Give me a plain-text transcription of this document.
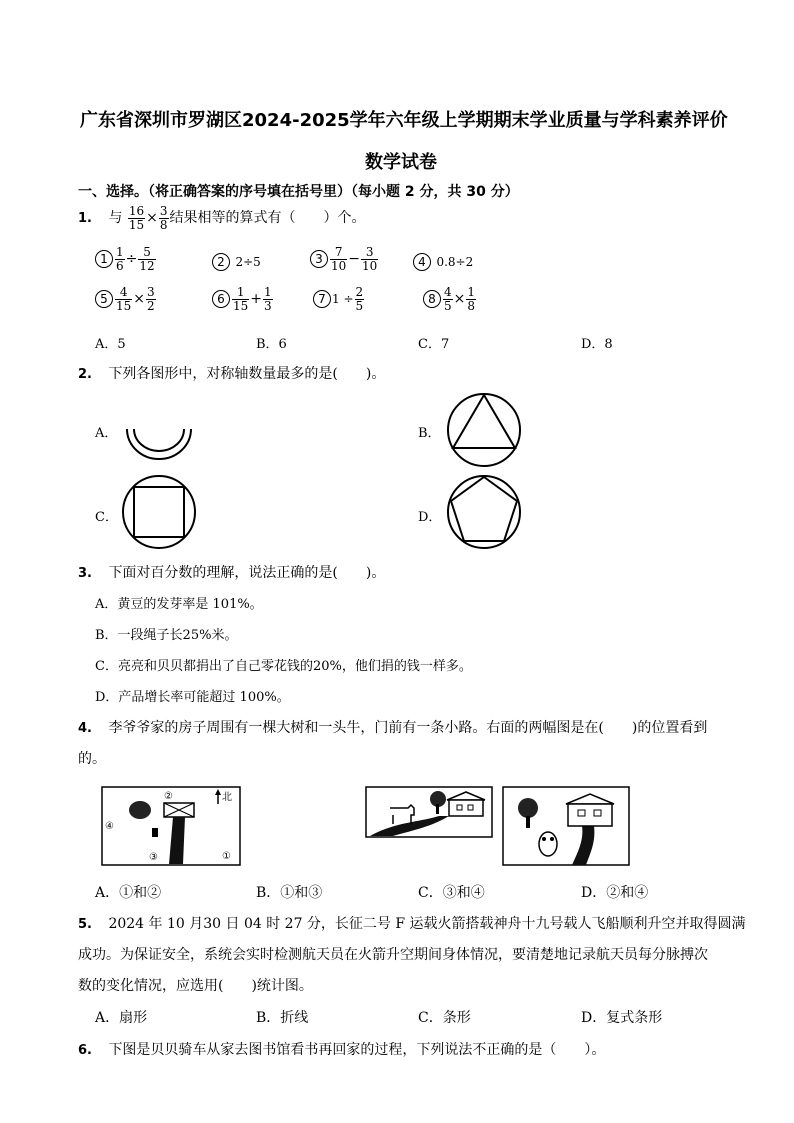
广东省深圳市罗湖区2024-2025学年六年级上学期期末学业质量与学科素养评价
数学试卷
一、选择。（将正确答案的序号填在括号里）（每小题 2 分，共 30 分）
1. 与 $\frac{16}{15} \times \frac{3}{8}$ 结果相等的算式有（　　）个。
$1 \frac{1}{6} \div \frac{5}{12}$	2 2÷5	$3 \frac{7}{10} - \frac{3}{10}$	4 0.8÷2
$5 \frac{4}{15} \times \frac{3}{2}$	$6 \frac{1}{15} + \frac{1}{3}$	7 $1 \div \frac{2}{5}$	$8 \frac{4}{5} \times \frac{1}{8}$
A．5	B．6	C．7	D．8
2. 下列各图形中，对称轴数量最多的是(　　)。
A．	B．
C．	D．
3. 下面对百分数的理解，说法正确的是(　　)。
A．黄豆的发芽率是 101%。
B．一段绳子长25%米。
C．亮亮和贝贝都捐出了自己零花钱的20%，他们捐的钱一样多。
D．产品增长率可能超过 100%。
4. 李爷爷家的房子周围有一棵大树和一头牛，门前有一条小路。右面的两幅图是在(　　)的位置看到
的。
北
②
④
③	①
A．①和②	B．①和③	C．③和④	D．②和④
5. 2024 年 10 月30 日 04 时 27 分，长征二号 F 运载火箭搭载神舟十九号载人飞船顺利升空并取得圆满
成功。为保证安全，系统会实时检测航天员在火箭升空期间身体情况，要清楚地记录航天员每分脉搏次
数的变化情况，应选用(　　)统计图。
A．扇形	B．折线	C．条形	D．复式条形
6. 下图是贝贝骑车从家去图书馆看书再回家的过程，下列说法不正确的是（　　）。
